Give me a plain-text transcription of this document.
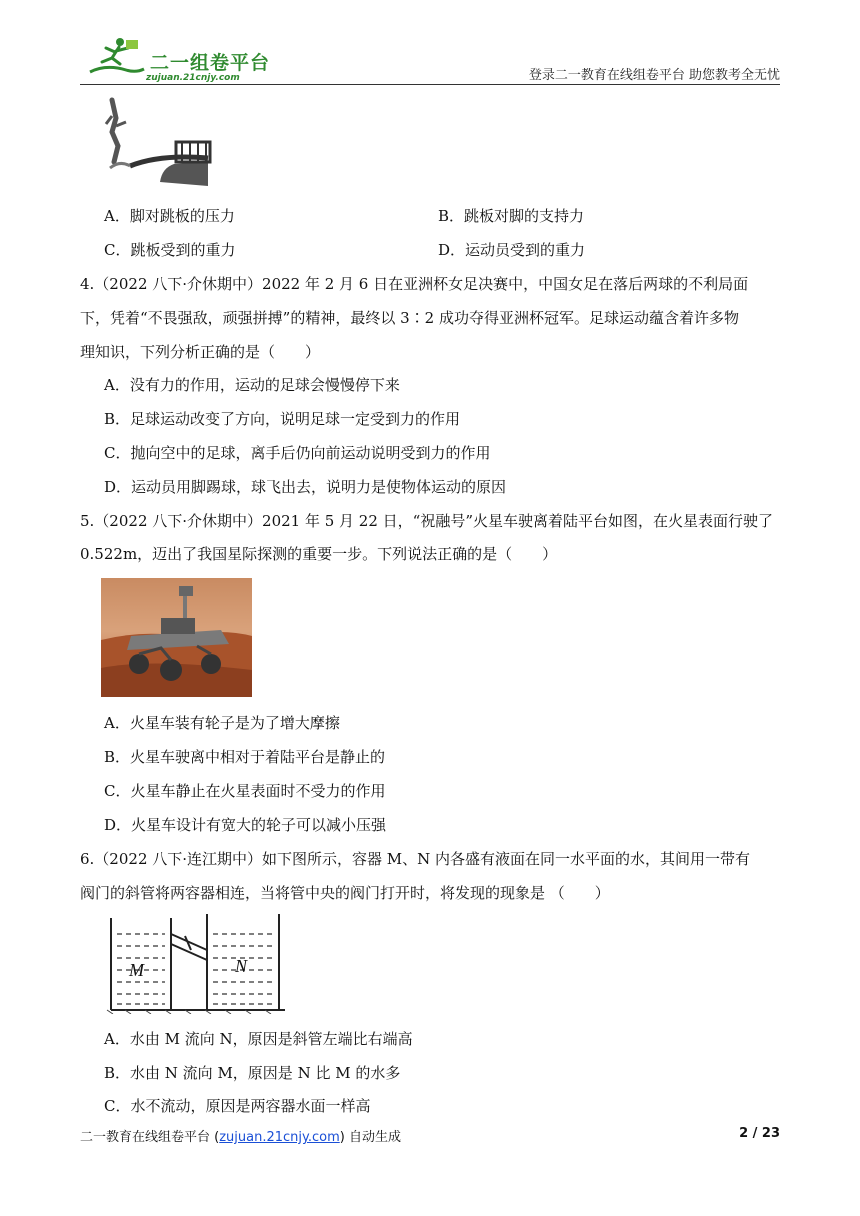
二一组卷平台
zujuan.21cnjy.com	登录二一教育在线组卷平台 助您教考全无忧
A．脚对跳板的压力	B．跳板对脚的支持力
C．跳板受到的重力	D．运动员受到的重力
4.（2022 八下·介休期中）2022 年 2 月 6 日在亚洲杯女足决赛中，中国女足在落后两球的不利局面
下，凭着“不畏强敌，顽强拼搏”的精神，最终以 3∶2 成功夺得亚洲杯冠军。足球运动蕴含着许多物
理知识，下列分析正确的是（　　）
A．没有力的作用，运动的足球会慢慢停下来
B．足球运动改变了方向，说明足球一定受到力的作用
C．抛向空中的足球，离手后仍向前运动说明受到力的作用
D．运动员用脚踢球，球飞出去，说明力是使物体运动的原因
5.（2022 八下·介休期中）2021 年 5 月 22 日，“祝融号”火星车驶离着陆平台如图，在火星表面行驶了
0.522m，迈出了我国星际探测的重要一步。下列说法正确的是（　　）
A．火星车装有轮子是为了增大摩擦
B．火星车驶离中相对于着陆平台是静止的
C．火星车静止在火星表面时不受力的作用
D．火星车设计有宽大的轮子可以减小压强
6.（2022 八下·连江期中）如下图所示，容器 M、N 内各盛有液面在同一水平面的水，其间用一带有
阀门的斜管将两容器相连，当将管中央的阀门打开时，将发现的现象是 （　　）
M	N
A．水由 M 流向 N，原因是斜管左端比右端高
B．水由 N 流向 M，原因是 N 比 M 的水多
C．水不流动，原因是两容器水面一样高
二一教育在线组卷平台 (zujuan.21cnjy.com) 自动生成	2 / 23
